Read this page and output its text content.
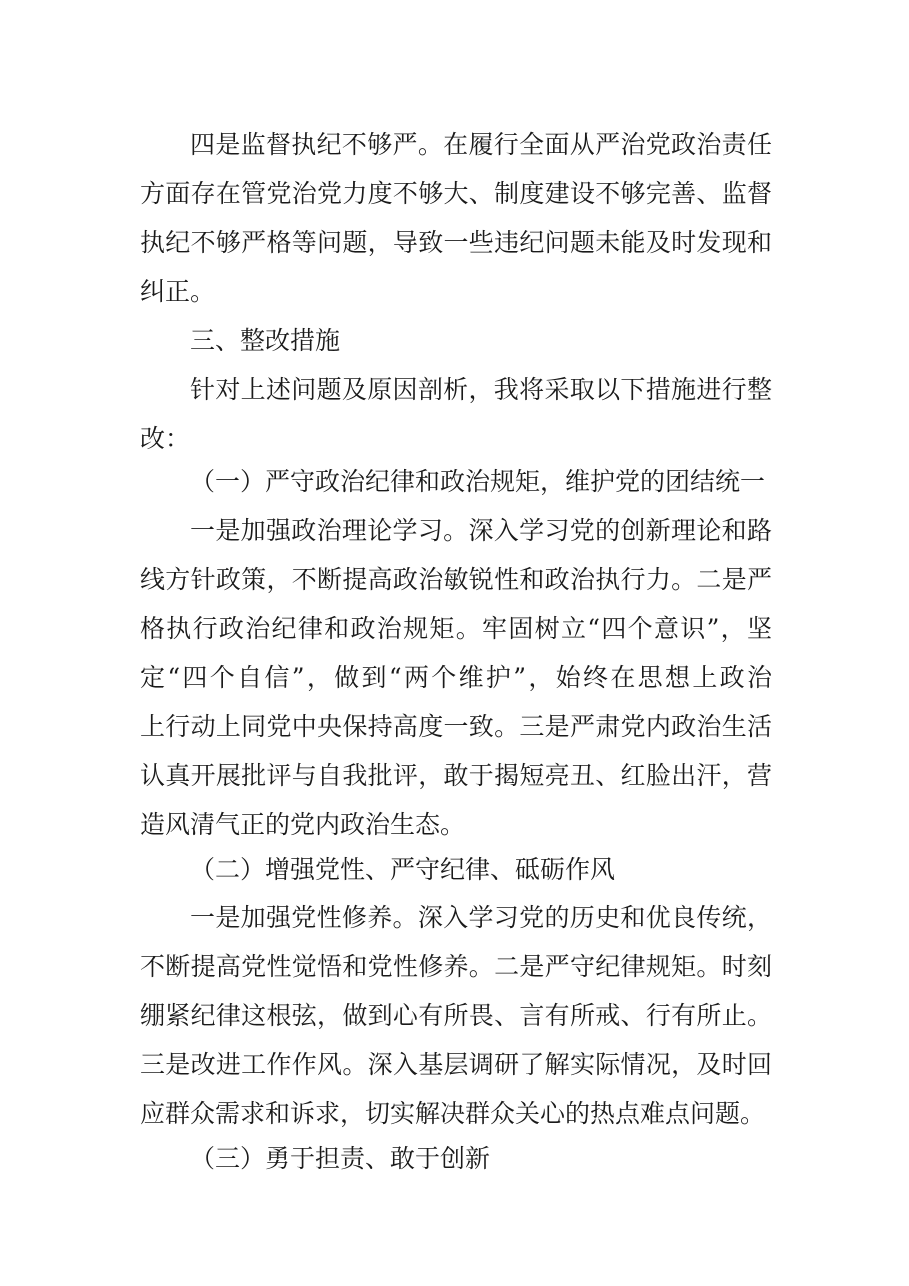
四是监督执纪不够严。在履行全面从严治党政治责任
方面存在管党治党力度不够大、制度建设不够完善、监督
执纪不够严格等问题，导致一些违纪问题未能及时发现和
纠正。
三、整改措施
针对上述问题及原因剖析，我将采取以下措施进行整
改：
（一）严守政治纪律和政治规矩，维护党的团结统一
一是加强政治理论学习。深入学习党的创新理论和路
线方针政策，不断提高政治敏锐性和政治执行力。二是严
格执行政治纪律和政治规矩。牢固树立“四个意识”，坚
定“四个自信”，做到“两个维护”，始终在思想上政治
上行动上同党中央保持高度一致。三是严肃党内政治生活
认真开展批评与自我批评，敢于揭短亮丑、红脸出汗，营
造风清气正的党内政治生态。
（二）增强党性、严守纪律、砥砺作风
一是加强党性修养。深入学习党的历史和优良传统，
不断提高党性觉悟和党性修养。二是严守纪律规矩。时刻
绷紧纪律这根弦，做到心有所畏、言有所戒、行有所止。
三是改进工作作风。深入基层调研了解实际情况，及时回
应群众需求和诉求，切实解决群众关心的热点难点问题。
（三）勇于担责、敢于创新
